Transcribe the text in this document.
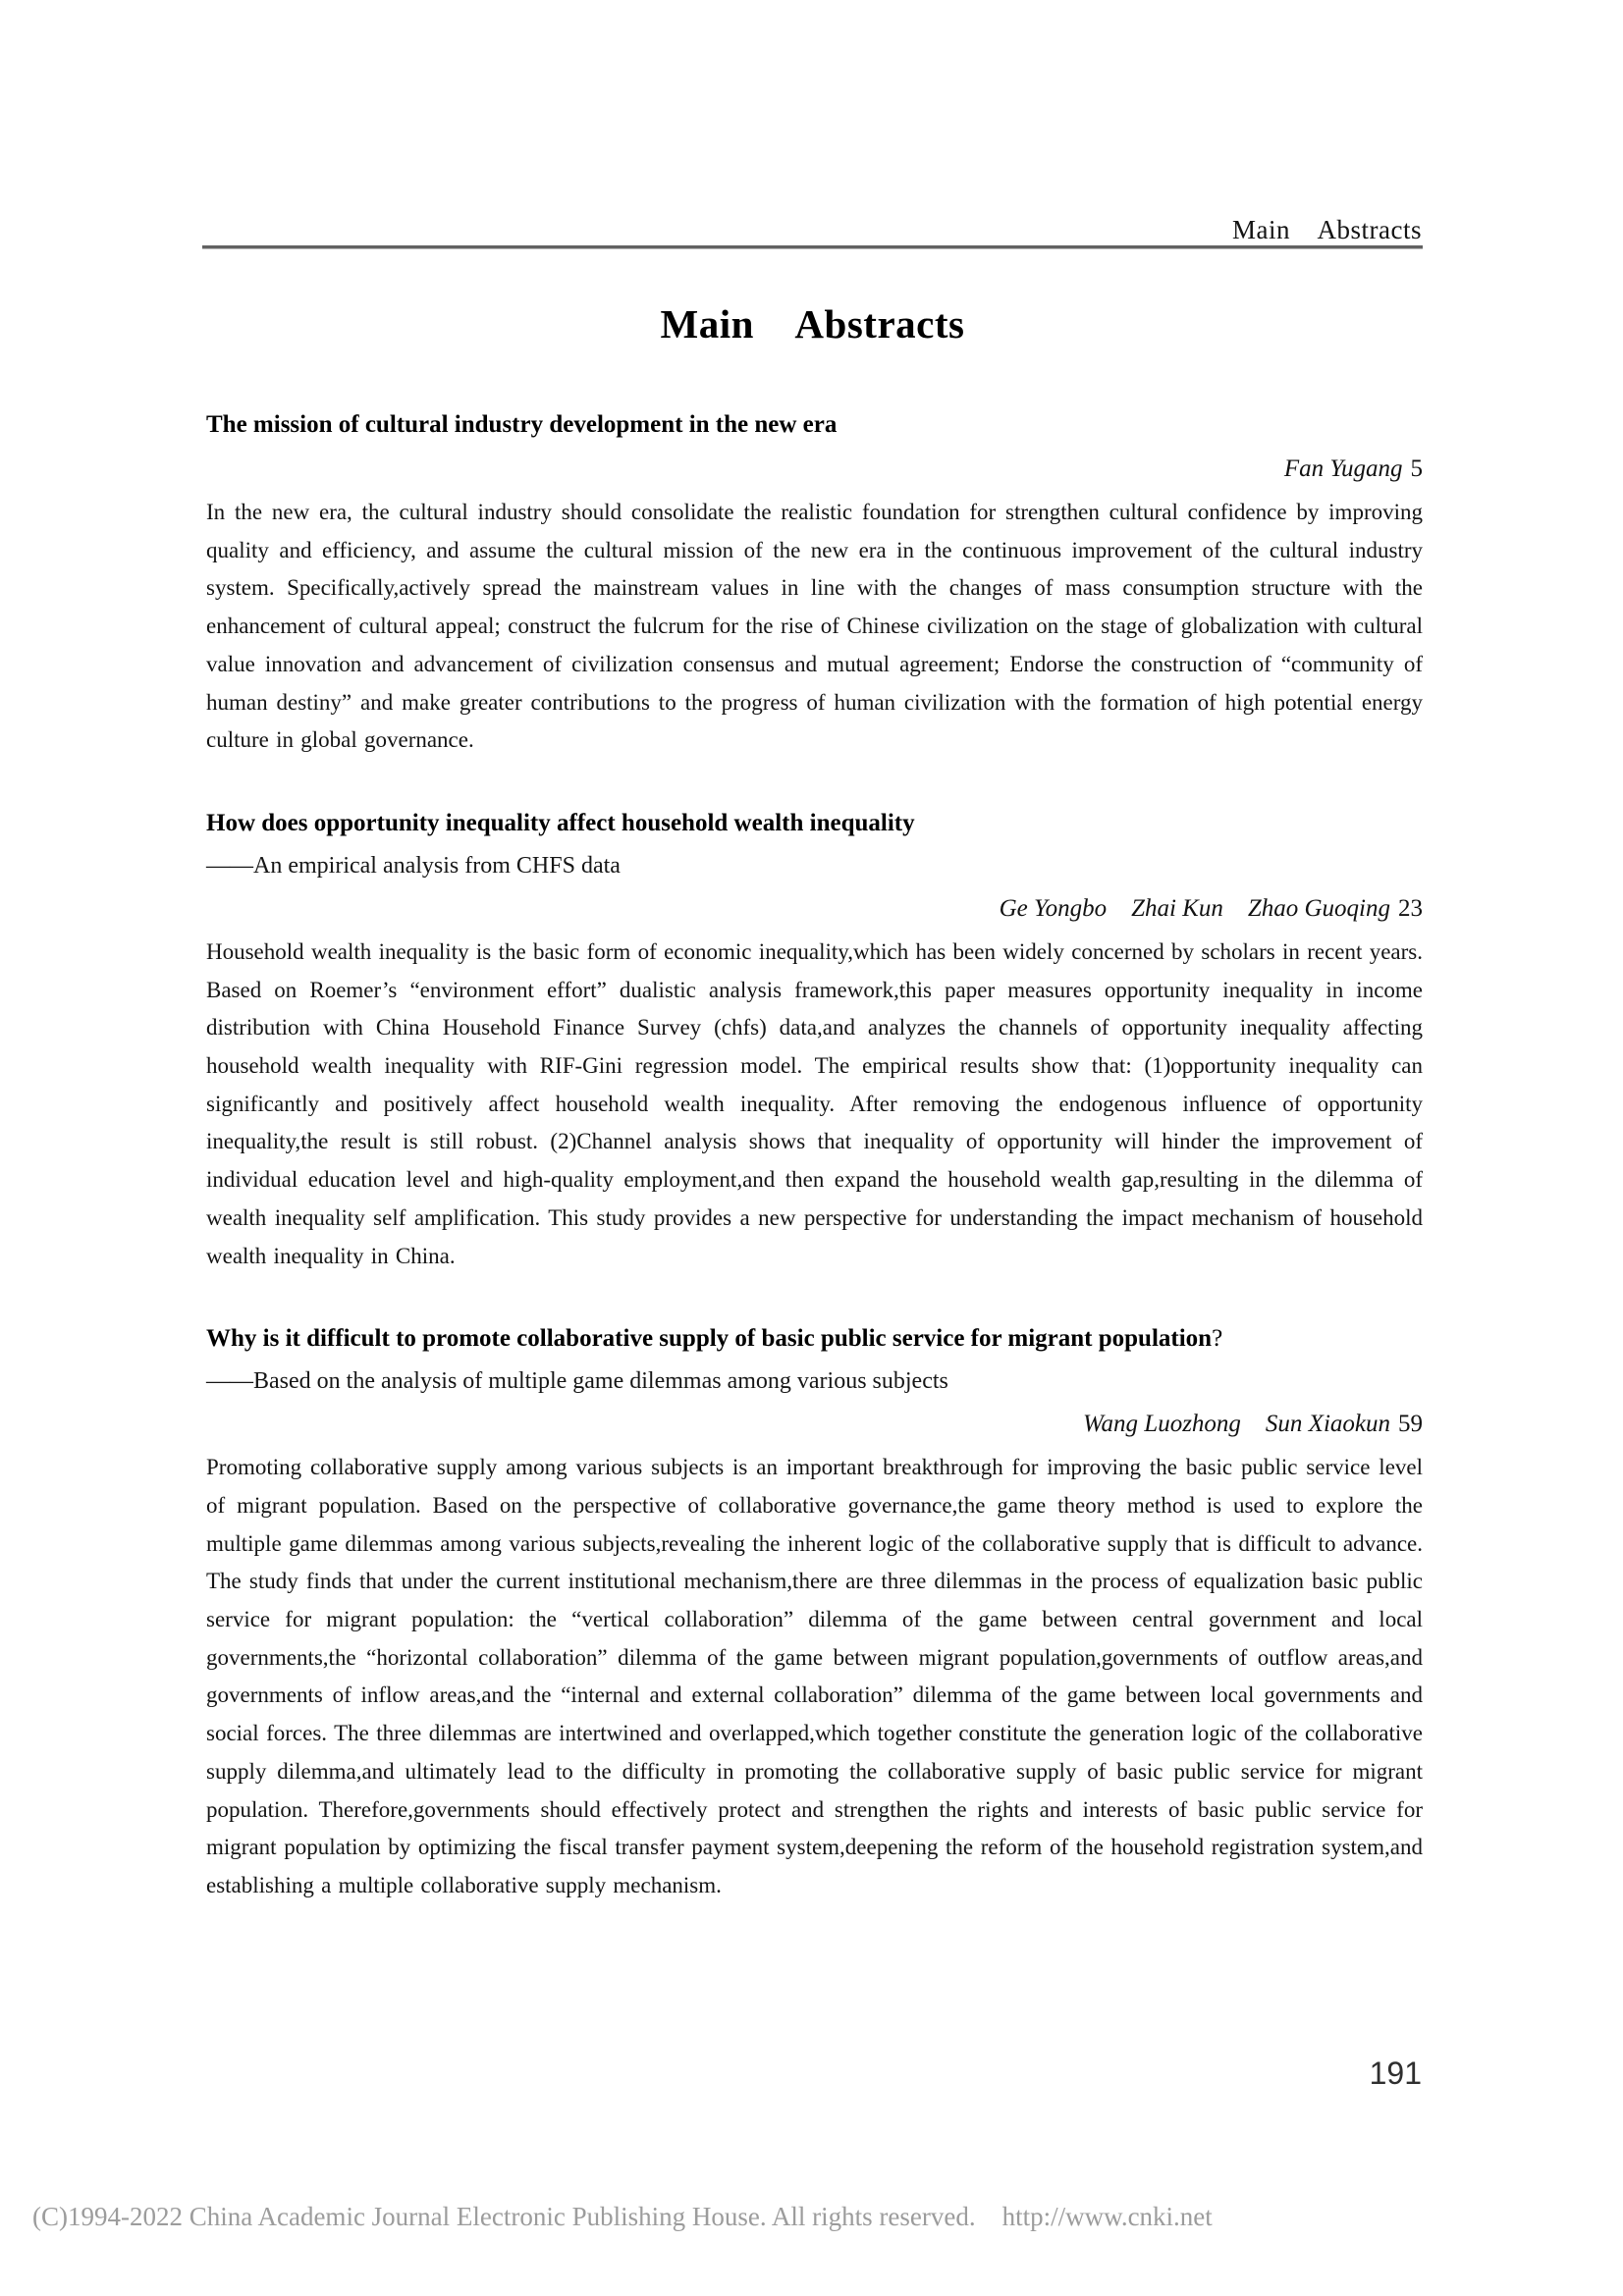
Main Abstracts
Main Abstracts
The mission of cultural industry development in the new era
Fan Yugang 5

In the new era, the cultural industry should consolidate the realistic foundation for strengthen cultural confidence by improving quality and efficiency, and assume the cultural mission of the new era in the continuous improvement of the cultural industry system. Specifically,actively spread the mainstream values in line with the changes of mass consumption structure with the enhancement of cultural appeal; construct the fulcrum for the rise of Chinese civilization on the stage of globalization with cultural value innovation and advancement of civilization consensus and mutual agreement; Endorse the construction of “community of human destiny” and make greater contributions to the progress of human civilization with the formation of high potential energy culture in global governance.

How does opportunity inequality affect household wealth inequality
——An empirical analysis from CHFS data
Ge Yongbo Zhai Kun Zhao Guoqing 23

Household wealth inequality is the basic form of economic inequality,which has been widely concerned by scholars in recent years. Based on Roemer’s “environment effort” dualistic analysis framework,this paper measures opportunity inequality in income distribution with China Household Finance Survey (chfs) data,and analyzes the channels of opportunity inequality affecting household wealth inequality with RIF-Gini regression model. The empirical results show that: (1)opportunity inequality can significantly and positively affect household wealth inequality. After removing the endogenous influence of opportunity inequality,the result is still robust. (2)Channel analysis shows that inequality of opportunity will hinder the improvement of individual education level and high-quality employment,and then expand the household wealth gap,resulting in the dilemma of wealth inequality self amplification. This study provides a new perspective for understanding the impact mechanism of household wealth inequality in China.

Why is it difficult to promote collaborative supply of basic public service for migrant population?
——Based on the analysis of multiple game dilemmas among various subjects
Wang Luozhong Sun Xiaokun 59

Promoting collaborative supply among various subjects is an important breakthrough for improving the basic public service level of migrant population. Based on the perspective of collaborative governance,the game theory method is used to explore the multiple game dilemmas among various subjects,revealing the inherent logic of the collaborative supply that is difficult to advance. The study finds that under the current institutional mechanism,there are three dilemmas in the process of equalization basic public service for migrant population: the “vertical collaboration” dilemma of the game between central government and local governments,the “horizontal collaboration” dilemma of the game between migrant population,governments of outflow areas,and governments of inflow areas,and the “internal and external collaboration” dilemma of the game between local governments and social forces. The three dilemmas are intertwined and overlapped,which together constitute the generation logic of the collaborative supply dilemma,and ultimately lead to the difficulty in promoting the collaborative supply of basic public service for migrant population. Therefore,governments should effectively protect and strengthen the rights and interests of basic public service for migrant population by optimizing the fiscal transfer payment system,deepening the reform of the household registration system,and establishing a multiple collaborative supply mechanism.

191
(C)1994-2022 China Academic Journal Electronic Publishing House. All rights reserved. http://www.cnki.net
